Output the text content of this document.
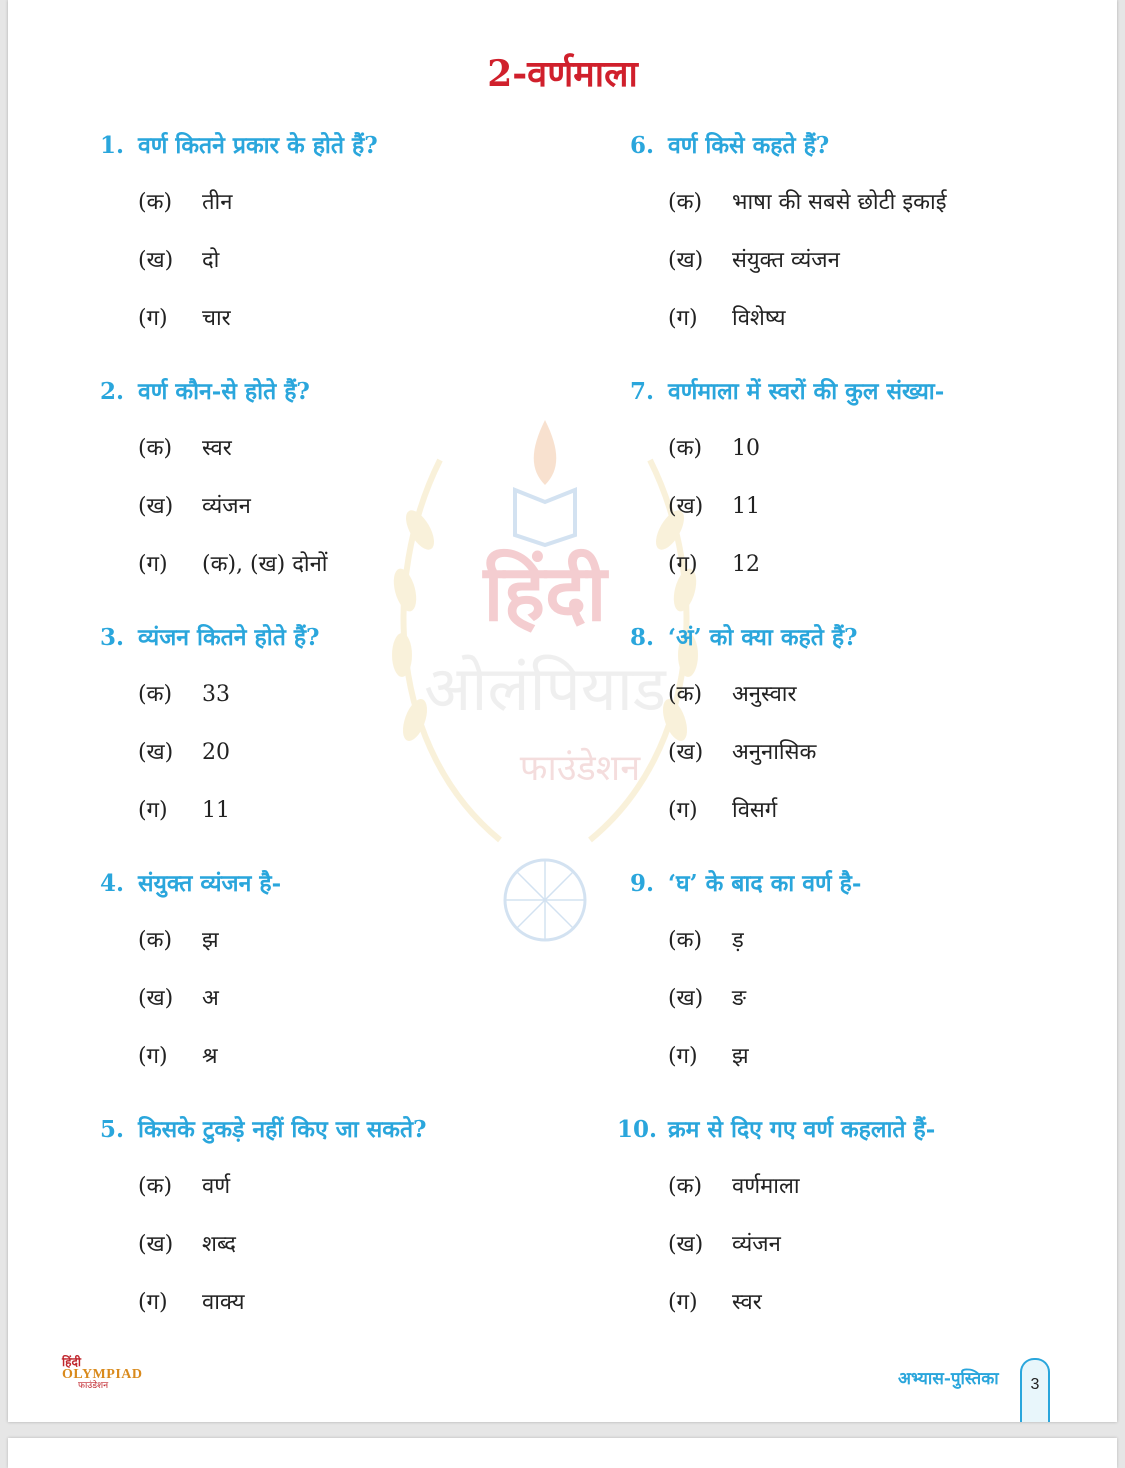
2-वर्णमाला
हिंदी
ओलंपियाड
फाउंडेशन
1. वर्ण कितने प्रकार के होते हैं?
(क)	तीन
(ख)	दो
(ग)	चार
2. वर्ण कौन-से होते हैं?
(क)	स्वर
(ख)	व्यंजन
(ग)	(क), (ख) दोनों
3. व्यंजन कितने होते हैं?
(क)	33
(ख)	20
(ग)	11
4. संयुक्त व्यंजन है-
(क)	झ
(ख)	अ
(ग)	श्र
5. किसके टुकड़े नहीं किए जा सकते?
(क)	वर्ण
(ख)	शब्द
(ग)	वाक्य
6. वर्ण किसे कहते हैं?
(क)	भाषा की सबसे छोटी इकाई
(ख)	संयुक्त व्यंजन
(ग)	विशेष्य
7. वर्णमाला में स्वरों की कुल संख्या-
(क)	10
(ख)	11
(ग)	12
8. ‘अं’ को क्या कहते हैं?
(क)	अनुस्वार
(ख)	अनुनासिक
(ग)	विसर्ग
9. ‘घ’ के बाद का वर्ण है-
(क)	ड़
(ख)	ङ
(ग)	झ
10. क्रम से दिए गए वर्ण कहलाते हैं-
(क)	वर्णमाला
(ख)	व्यंजन
(ग)	स्वर
हिंदी
OLYMPIAD
फाउंडेशन	अभ्यास-पुस्तिका	3
